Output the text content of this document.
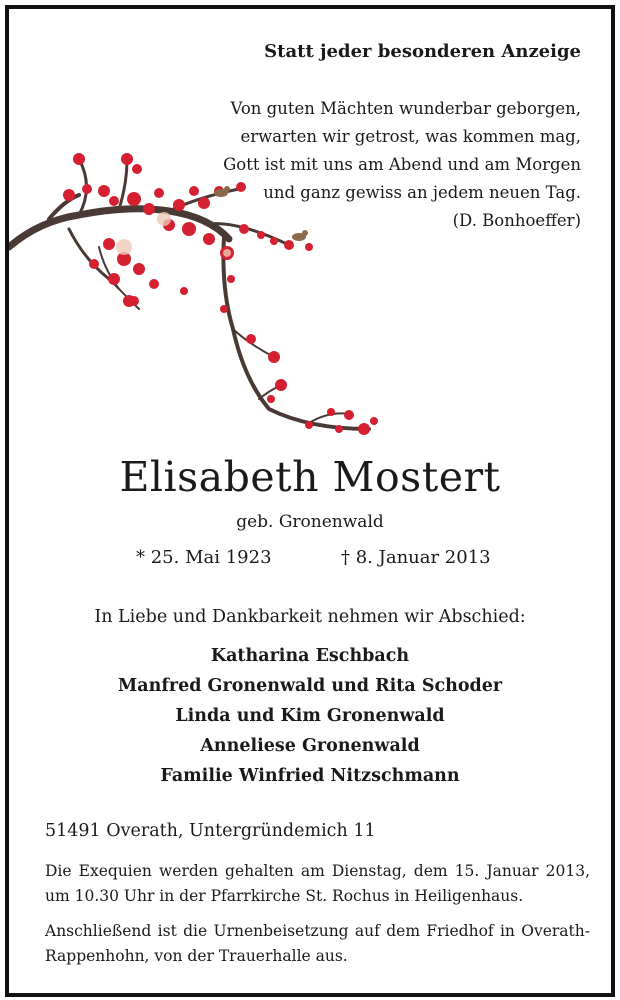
Statt jeder besonderen Anzeige
Von guten Mächten wunderbar geborgen,
erwarten wir getrost, was kommen mag,
Gott ist mit uns am Abend und am Morgen
und ganz gewiss an jedem neuen Tag.
(D. Bonhoeffer)
Elisabeth Mostert
geb. Gronenwald
* 25. Mai 1923	† 8. Januar 2013
In Liebe und Dankbarkeit nehmen wir Abschied:
Katharina Eschbach
Manfred Gronenwald und Rita Schoder
Linda und Kim Gronenwald
Anneliese Gronenwald
Familie Winfried Nitzschmann
51491 Overath, Untergründemich 11
Die Exequien werden gehalten am Dienstag, dem 15. Januar 2013, um 10.30 Uhr in der Pfarrkirche St. Rochus in Heiligenhaus.
Anschließend ist die Urnenbeisetzung auf dem Friedhof in Overath-Rappenhohn, von der Trauerhalle aus.
